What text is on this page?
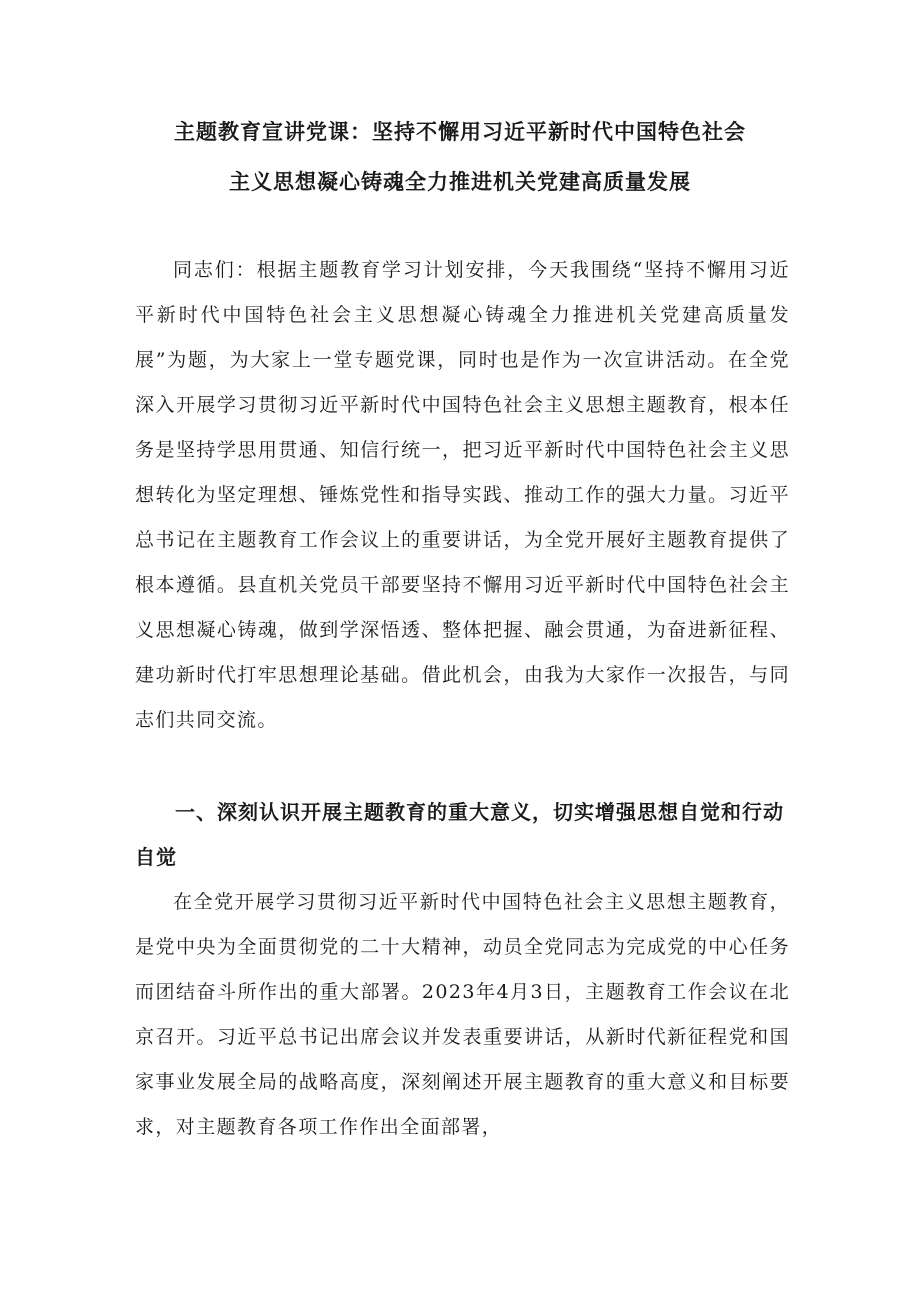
主题教育宣讲党课：坚持不懈用习近平新时代中国特色社会
主义思想凝心铸魂全力推进机关党建高质量发展

同志们：根据主题教育学习计划安排，今天我围绕“坚持不懈用习近平新时代中国特色社会主义思想凝心铸魂全力推进机关党建高质量发展”为题，为大家上一堂专题党课，同时也是作为一次宣讲活动。在全党深入开展学习贯彻习近平新时代中国特色社会主义思想主题教育，根本任务是坚持学思用贯通、知信行统一，把习近平新时代中国特色社会主义思想转化为坚定理想、锤炼党性和指导实践、推动工作的强大力量。习近平总书记在主题教育工作会议上的重要讲话，为全党开展好主题教育提供了根本遵循。县直机关党员干部要坚持不懈用习近平新时代中国特色社会主义思想凝心铸魂，做到学深悟透、整体把握、融会贯通，为奋进新征程、建功新时代打牢思想理论基础。借此机会，由我为大家作一次报告，与同志们共同交流。

一、深刻认识开展主题教育的重大意义，切实增强思想自觉和行动自觉

在全党开展学习贯彻习近平新时代中国特色社会主义思想主题教育，是党中央为全面贯彻党的二十大精神，动员全党同志为完成党的中心任务而团结奋斗所作出的重大部署。2023年4月3日，主题教育工作会议在北京召开。习近平总书记出席会议并发表重要讲话，从新时代新征程党和国家事业发展全局的战略高度，深刻阐述开展主题教育的重大意义和目标要求，对主题教育各项工作作出全面部署，
